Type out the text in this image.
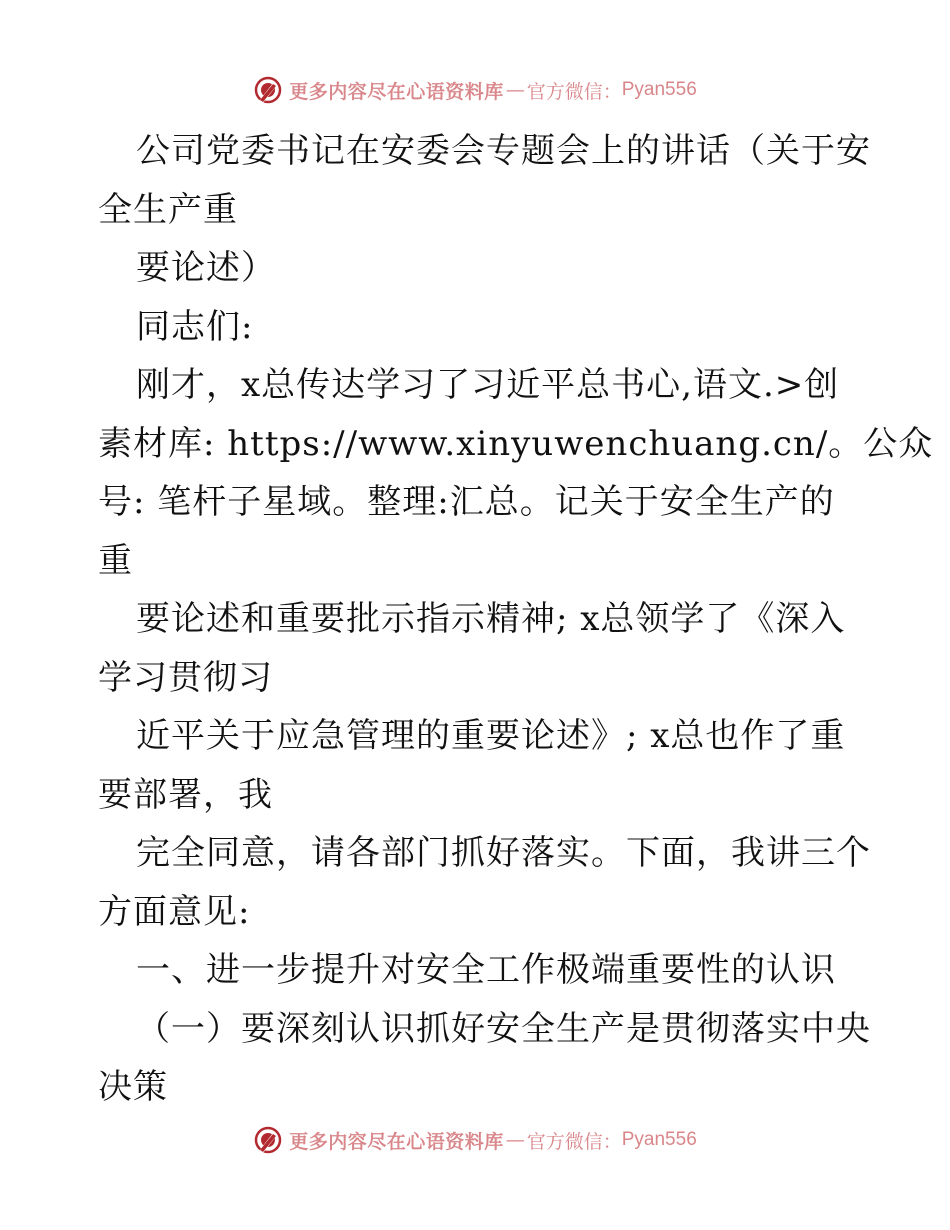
更多内容尽在心语资料库 — 官方微信： Pyan556
公司党委书记在安委会专题会上的讲话（关于安
全生产重
要论述）
同志们:
刚才，x总传达学习了习近平总书心,语文.>创
素材库: https://www.xinyuwenchuang.cn/。公众
号: 笔杆子星域。整理:汇总。记关于安全生产的
重
要论述和重要批示指示精神; x总领学了《深入
学习贯彻习
近平关于应急管理的重要论述》; x总也作了重
要部署，我
完全同意，请各部门抓好落实。下面，我讲三个
方面意见:
一、进一步提升对安全工作极端重要性的认识
（一）要深刻认识抓好安全生产是贯彻落实中央
决策
更多内容尽在心语资料库 — 官方微信： Pyan556
